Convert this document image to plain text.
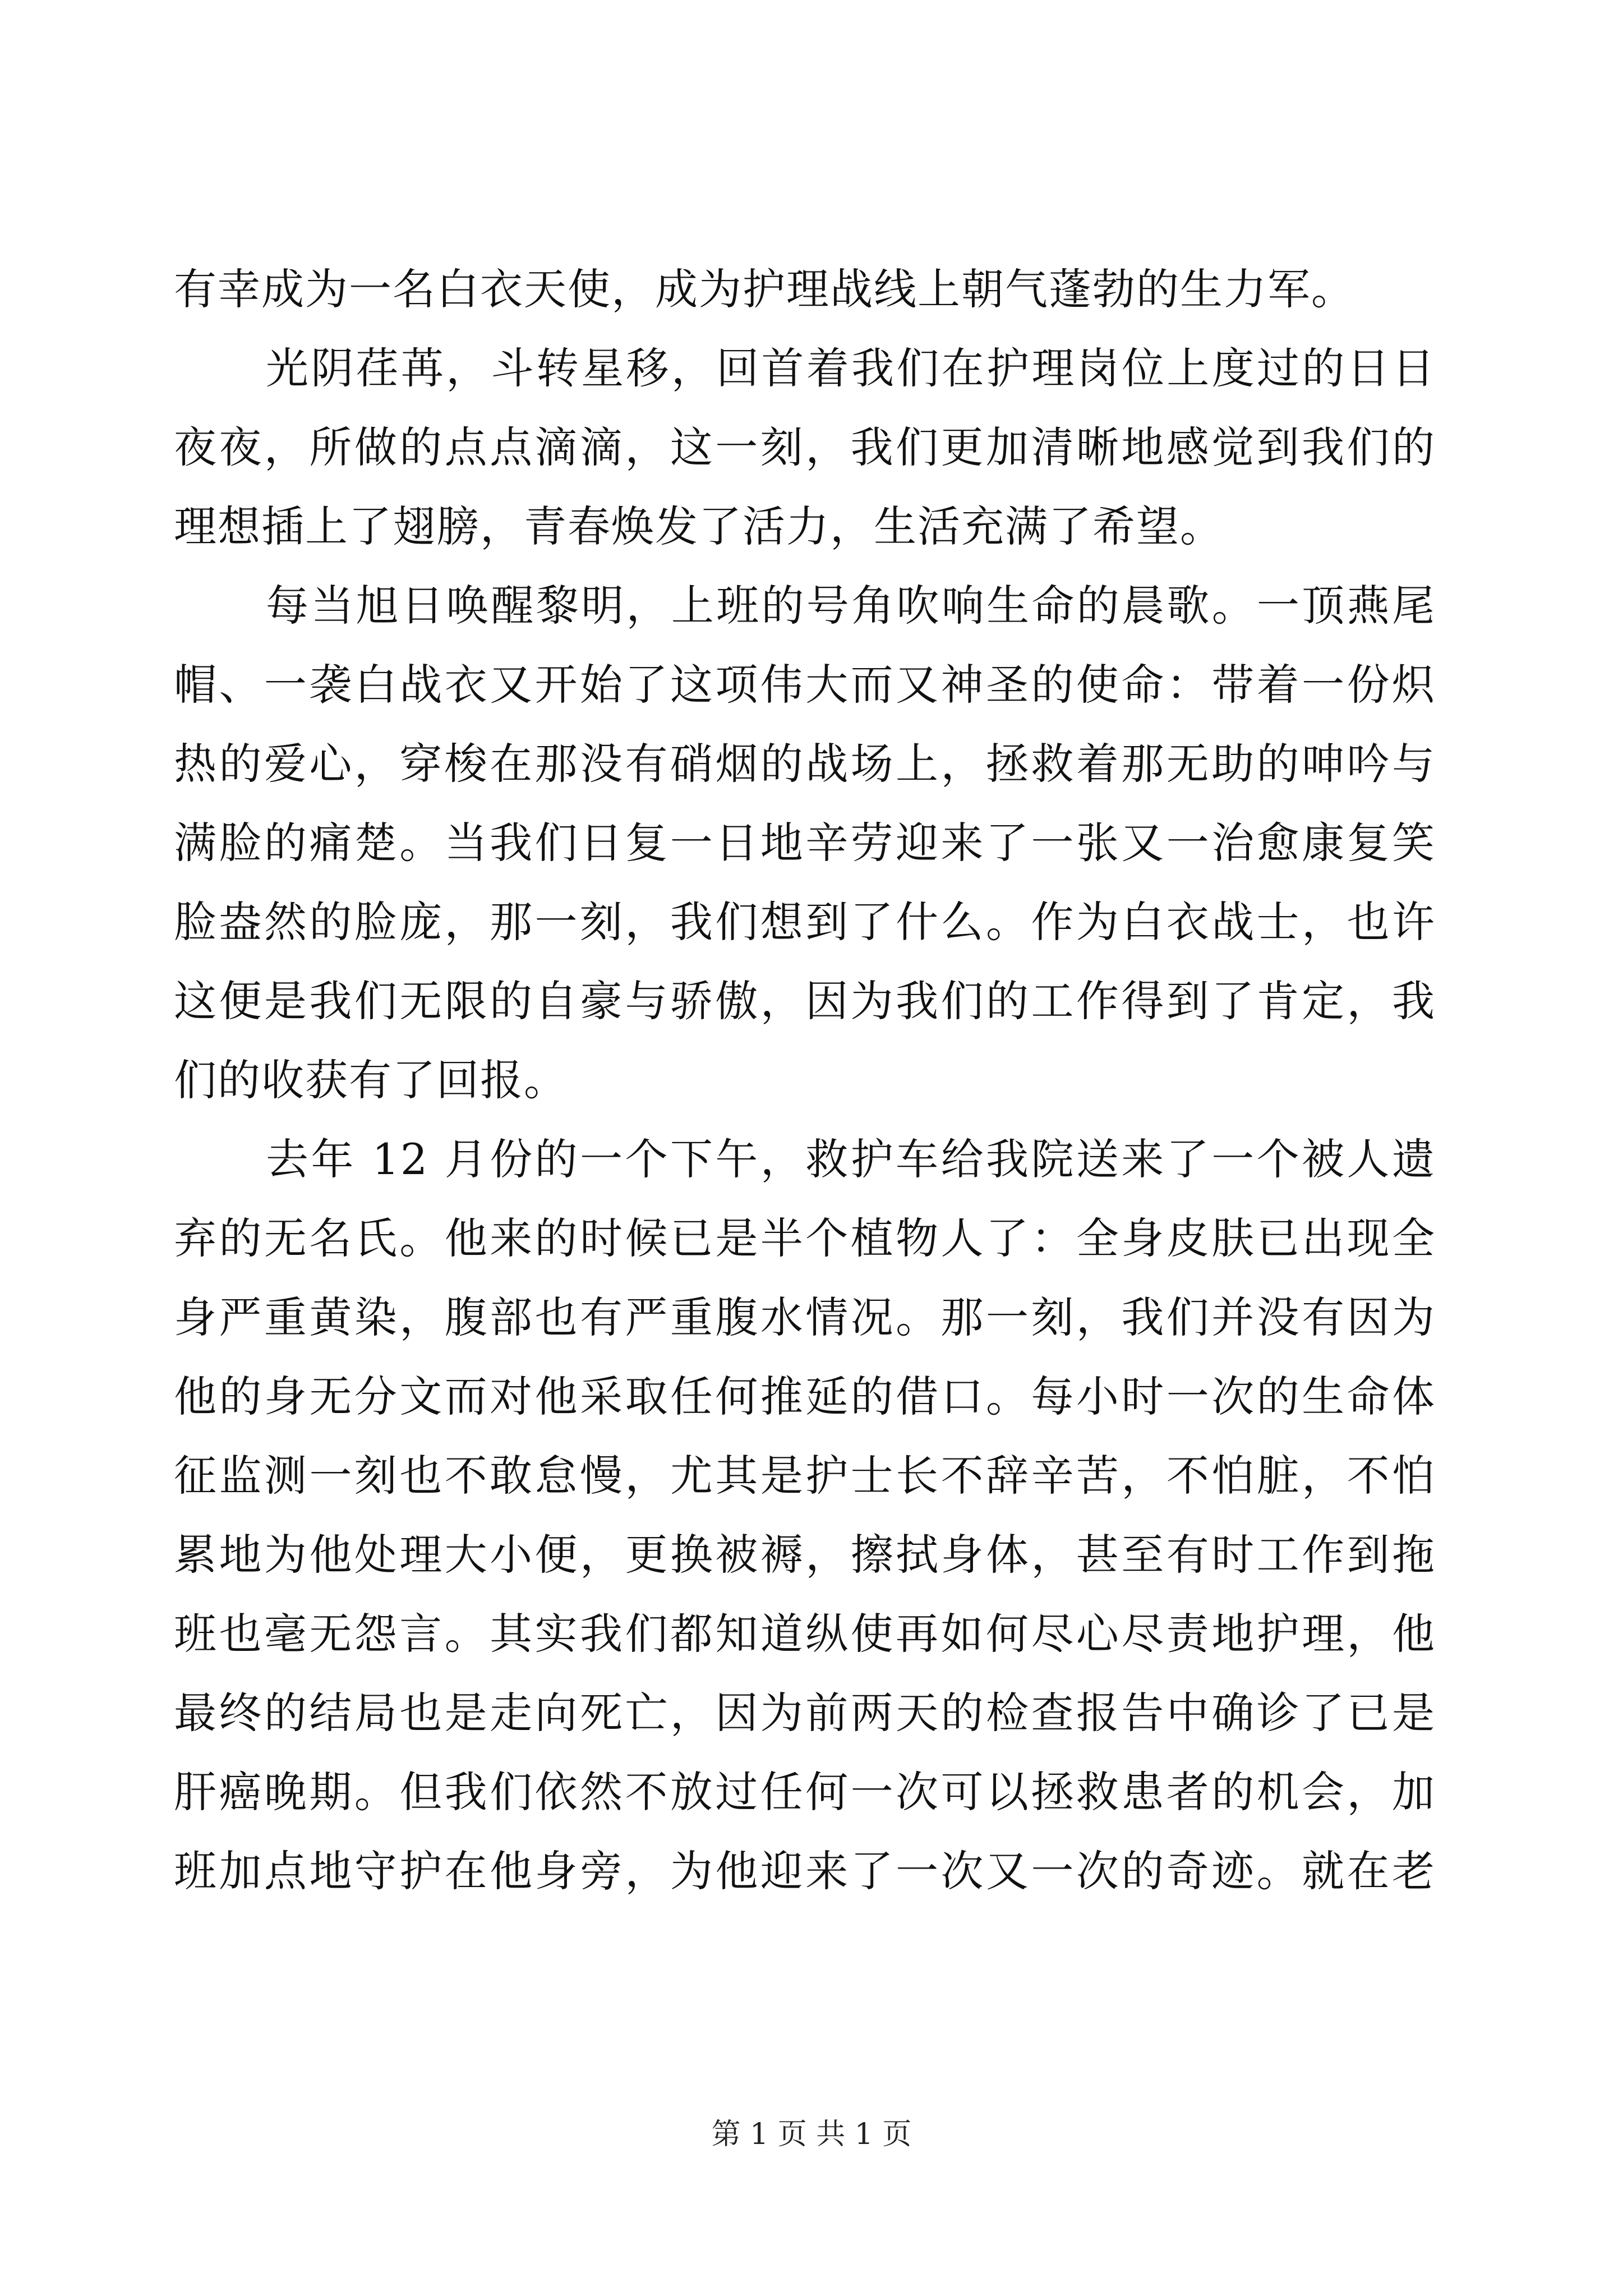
有幸成为一名白衣天使，成为护理战线上朝气蓬勃的生力军。
光阴荏苒，斗转星移，回首着我们在护理岗位上度过的日日
夜夜，所做的点点滴滴，这一刻，我们更加清晰地感觉到我们的
理想插上了翅膀，青春焕发了活力，生活充满了希望。
每当旭日唤醒黎明，上班的号角吹响生命的晨歌。一顶燕尾
帽、一袭白战衣又开始了这项伟大而又神圣的使命：带着一份炽
热的爱心，穿梭在那没有硝烟的战场上，拯救着那无助的呻吟与
满脸的痛楚。当我们日复一日地辛劳迎来了一张又一治愈康复笑
脸盎然的脸庞，那一刻，我们想到了什么。作为白衣战士，也许
这便是我们无限的自豪与骄傲，因为我们的工作得到了肯定，我
们的收获有了回报。
去年 12 月份的一个下午，救护车给我院送来了一个被人遗
弃的无名氏。他来的时候已是半个植物人了：全身皮肤已出现全
身严重黄染，腹部也有严重腹水情况。那一刻，我们并没有因为
他的身无分文而对他采取任何推延的借口。每小时一次的生命体
征监测一刻也不敢怠慢，尤其是护士长不辞辛苦，不怕脏，不怕
累地为他处理大小便，更换被褥，擦拭身体，甚至有时工作到拖
班也毫无怨言。其实我们都知道纵使再如何尽心尽责地护理，他
最终的结局也是走向死亡，因为前两天的检查报告中确诊了已是
肝癌晚期。但我们依然不放过任何一次可以拯救患者的机会，加
班加点地守护在他身旁，为他迎来了一次又一次的奇迹。就在老
第 1 页 共 1 页
